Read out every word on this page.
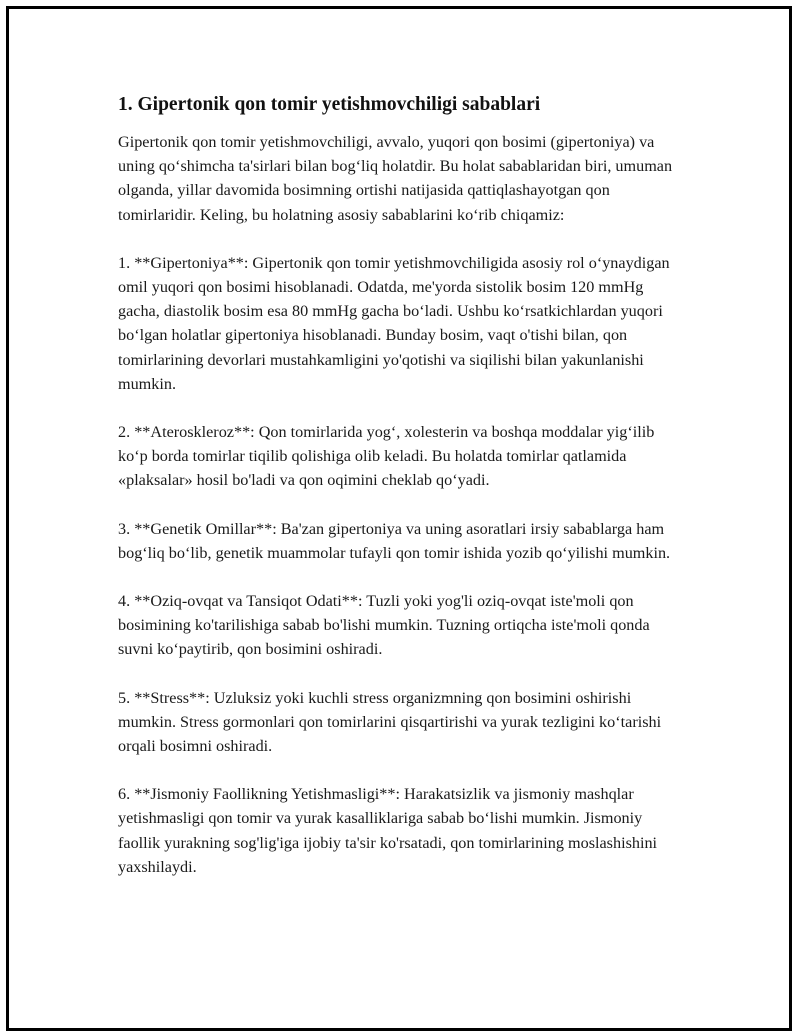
1. Gipertonik qon tomir yetishmovchiligi sabablari

Gipertonik qon tomir yetishmovchiligi, avvalo, yuqori qon bosimi (gipertoniya) va uning qo‘shimcha ta'sirlari bilan bog‘liq holatdir. Bu holat sabablaridan biri, umuman olganda, yillar davomida bosimning ortishi natijasida qattiqlashayotgan qon tomirlaridir. Keling, bu holatning asosiy sabablarini ko‘rib chiqamiz:

1. **Gipertoniya**: Gipertonik qon tomir yetishmovchiligida asosiy rol o‘ynaydigan omil yuqori qon bosimi hisoblanadi. Odatda, me'yorda sistolik bosim 120 mmHg gacha, diastolik bosim esa 80 mmHg gacha bo‘ladi. Ushbu ko‘rsatkichlardan yuqori bo‘lgan holatlar gipertoniya hisoblanadi. Bunday bosim, vaqt o'tishi bilan, qon tomirlarining devorlari mustahkamligini yo'qotishi va siqilishi bilan yakunlanishi mumkin.

2. **Ateroskleroz**: Qon tomirlarida yog‘, xolesterin va boshqa moddalar yig‘ilib ko‘p borda tomirlar tiqilib qolishiga olib keladi. Bu holatda tomirlar qatlamida «plaksalar» hosil bo'ladi va qon oqimini cheklab qo‘yadi.

3. **Genetik Omillar**: Ba'zan gipertoniya va uning asoratlari irsiy sabablarga ham bog‘liq bo‘lib, genetik muammolar tufayli qon tomir ishida yozib qo‘yilishi mumkin.

4. **Oziq-ovqat va Tansiqot Odati**: Tuzli yoki yog'li oziq-ovqat iste'moli qon bosimining ko'tarilishiga sabab bo'lishi mumkin. Tuzning ortiqcha iste'moli qonda suvni ko‘paytirib, qon bosimini oshiradi.

5. **Stress**: Uzluksiz yoki kuchli stress organizmning qon bosimini oshirishi mumkin. Stress gormonlari qon tomirlarini qisqartirishi va yurak tezligini ko‘tarishi orqali bosimni oshiradi.

6. **Jismoniy Faollikning Yetishmasligi**: Harakatsizlik va jismoniy mashqlar yetishmasligi qon tomir va yurak kasalliklariga sabab bo‘lishi mumkin. Jismoniy faollik yurakning sog'lig'iga ijobiy ta'sir ko'rsatadi, qon tomirlarining moslashishini yaxshilaydi.
